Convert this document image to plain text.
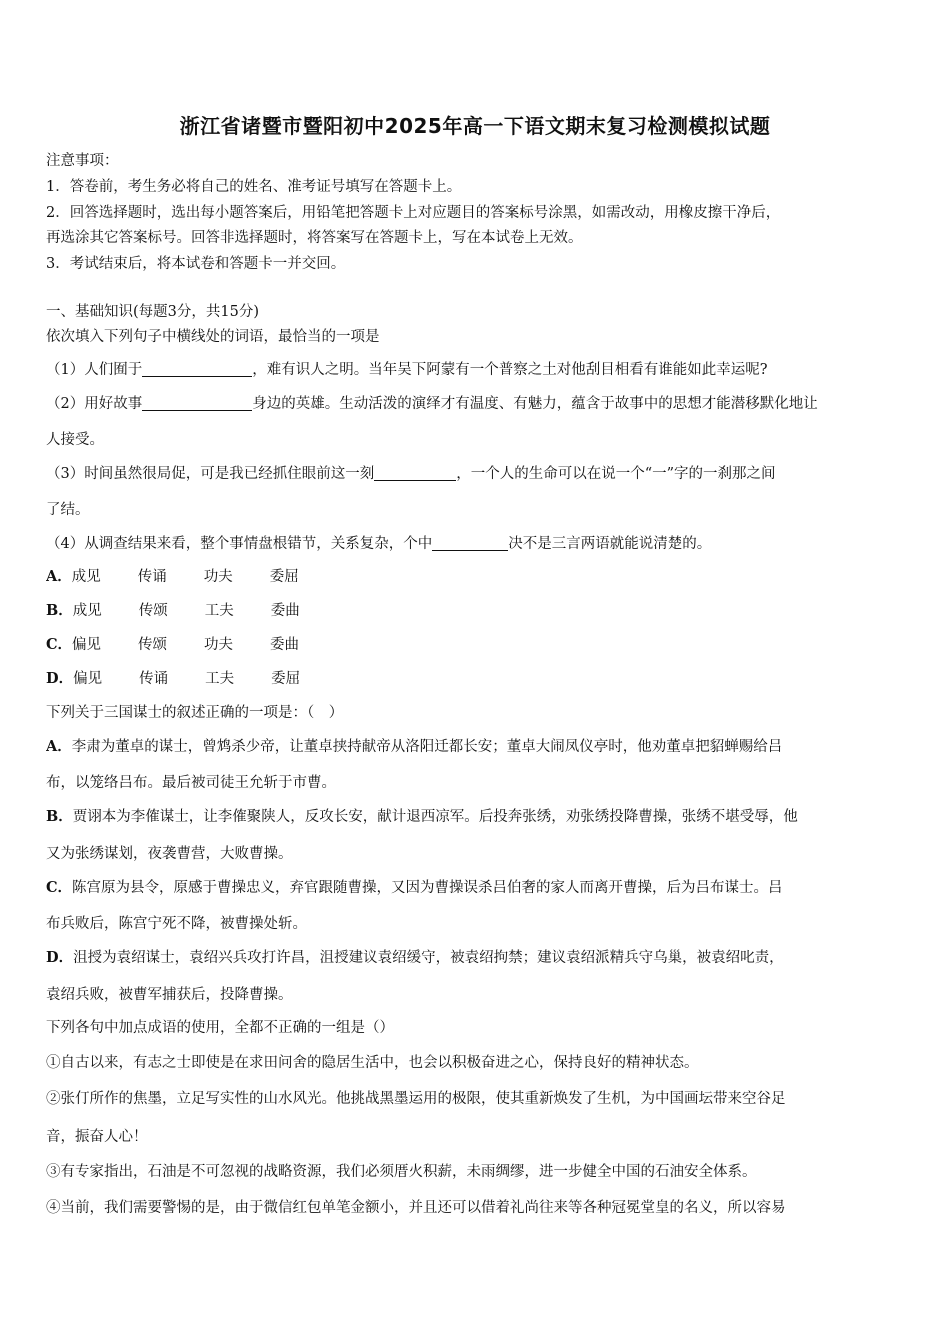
浙江省诸暨市暨阳初中2025年高一下语文期末复习检测模拟试题
注意事项：
1．答卷前，考生务必将自己的姓名、准考证号填写在答题卡上。
2．回答选择题时，选出每小题答案后，用铅笔把答题卡上对应题目的答案标号涂黑，如需改动，用橡皮擦干净后，
再选涂其它答案标号。回答非选择题时，将答案写在答题卡上，写在本试卷上无效。
3．考试结束后，将本试卷和答题卡一并交回。
一、基础知识(每题3分，共15分)
依次填入下列句子中横线处的词语，最恰当的一项是
（1）人们囿于	，难有识人之明。当年吴下阿蒙有一个普察之土对他刮目相看有谁能如此幸运呢?
（2）用好故事	身边的英雄。生动活泼的演绎才有温度、有魅力，蕴含于故事中的思想才能潜移默化地让
人接受。
（3）时间虽然很局促，可是我已经抓住眼前这一刻	，一个人的生命可以在说一个“一”字的一刹那之间
了结。
（4）从调查结果来看，整个事情盘根错节，关系复杂，个中	决不是三言两语就能说清楚的。
A．成见	传诵	功夫	委屈
B．成见	传颂	工夫	委曲
C．偏见	传颂	功夫	委曲
D．偏见	传诵	工夫	委屈
下列关于三国谋士的叙述正确的一项是：（　）
A．李肃为董卓的谋士，曾鸩杀少帝，让董卓挟持献帝从洛阳迁都长安；董卓大闹凤仪亭时，他劝董卓把貂蝉赐给吕
布，以笼络吕布。最后被司徒王允斩于市曹。
B．贾诩本为李傕谋士，让李傕聚陕人，反攻长安，献计退西凉军。后投奔张绣，劝张绣投降曹操，张绣不堪受辱，他
又为张绣谋划，夜袭曹营，大败曹操。
C．陈宫原为县令，原感于曹操忠义，弃官跟随曹操，又因为曹操误杀吕伯奢的家人而离开曹操，后为吕布谋士。吕
布兵败后，陈宫宁死不降，被曹操处斩。
D．沮授为袁绍谋士，袁绍兴兵攻打许昌，沮授建议袁绍缓守，被袁绍拘禁；建议袁绍派精兵守乌巢，被袁绍叱责，
袁绍兵败，被曹军捕获后，投降曹操。
下列各句中加点成语的使用，全都不正确的一组是（）
①自古以来，有志之士即使是在求田问舍的隐居生活中，也会以积极奋进之心，保持良好的精神状态。
②张仃所作的焦墨，立足写实性的山水风光。他挑战黑墨运用的极限，使其重新焕发了生机，为中国画坛带来空谷足
音，振奋人心！
③有专家指出，石油是不可忽视的战略资源，我们必须厝火积薪，未雨绸缪，进一步健全中国的石油安全体系。
④当前，我们需要警惕的是，由于微信红包单笔金额小，并且还可以借着礼尚往来等各种冠冕堂皇的名义，所以容易
